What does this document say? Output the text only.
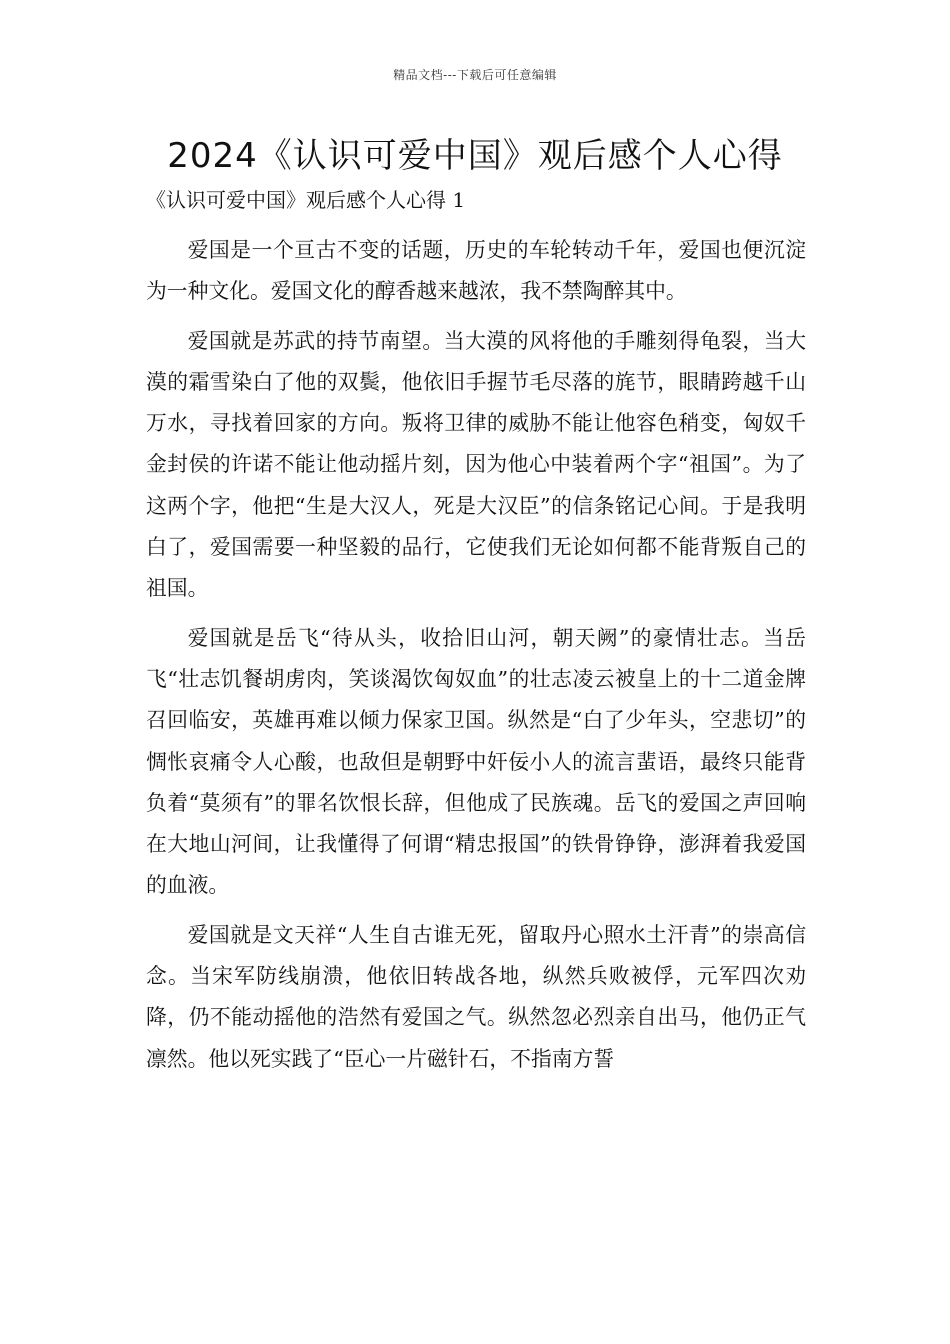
精品文档---下载后可任意编辑
2024《认识可爱中国》观后感个人心得
《认识可爱中国》观后感个人心得 1

爱国是一个亘古不变的话题，历史的车轮转动千年，爱国也便沉淀为一种文化。爱国文化的醇香越来越浓，我不禁陶醉其中。

爱国就是苏武的持节南望。当大漠的风将他的手雕刻得龟裂，当大漠的霜雪染白了他的双鬓，他依旧手握节毛尽落的旄节，眼睛跨越千山万水，寻找着回家的方向。叛将卫律的威胁不能让他容色稍变，匈奴千金封侯的许诺不能让他动摇片刻，因为他心中装着两个字“祖国”。为了这两个字，他把“生是大汉人，死是大汉臣”的信条铭记心间。于是我明白了，爱国需要一种坚毅的品行，它使我们无论如何都不能背叛自己的祖国。

爱国就是岳飞“待从头，收拾旧山河，朝天阙”的豪情壮志。当岳飞“壮志饥餐胡虏肉，笑谈渴饮匈奴血”的壮志凌云被皇上的十二道金牌召回临安，英雄再难以倾力保家卫国。纵然是“白了少年头，空悲切”的惆怅哀痛令人心酸，也敌但是朝野中奸佞小人的流言蜚语，最终只能背负着“莫须有”的罪名饮恨长辞，但他成了民族魂。岳飞的爱国之声回响在大地山河间，让我懂得了何谓“精忠报国”的铁骨铮铮，澎湃着我爱国的血液。

爱国就是文天祥“人生自古谁无死，留取丹心照水土汗青”的崇高信念。当宋军防线崩溃，他依旧转战各地，纵然兵败被俘，元军四次劝降，仍不能动摇他的浩然有爱国之气。纵然忽必烈亲自出马，他仍正气凛然。他以死实践了“臣心一片磁针石，不指南方誓
